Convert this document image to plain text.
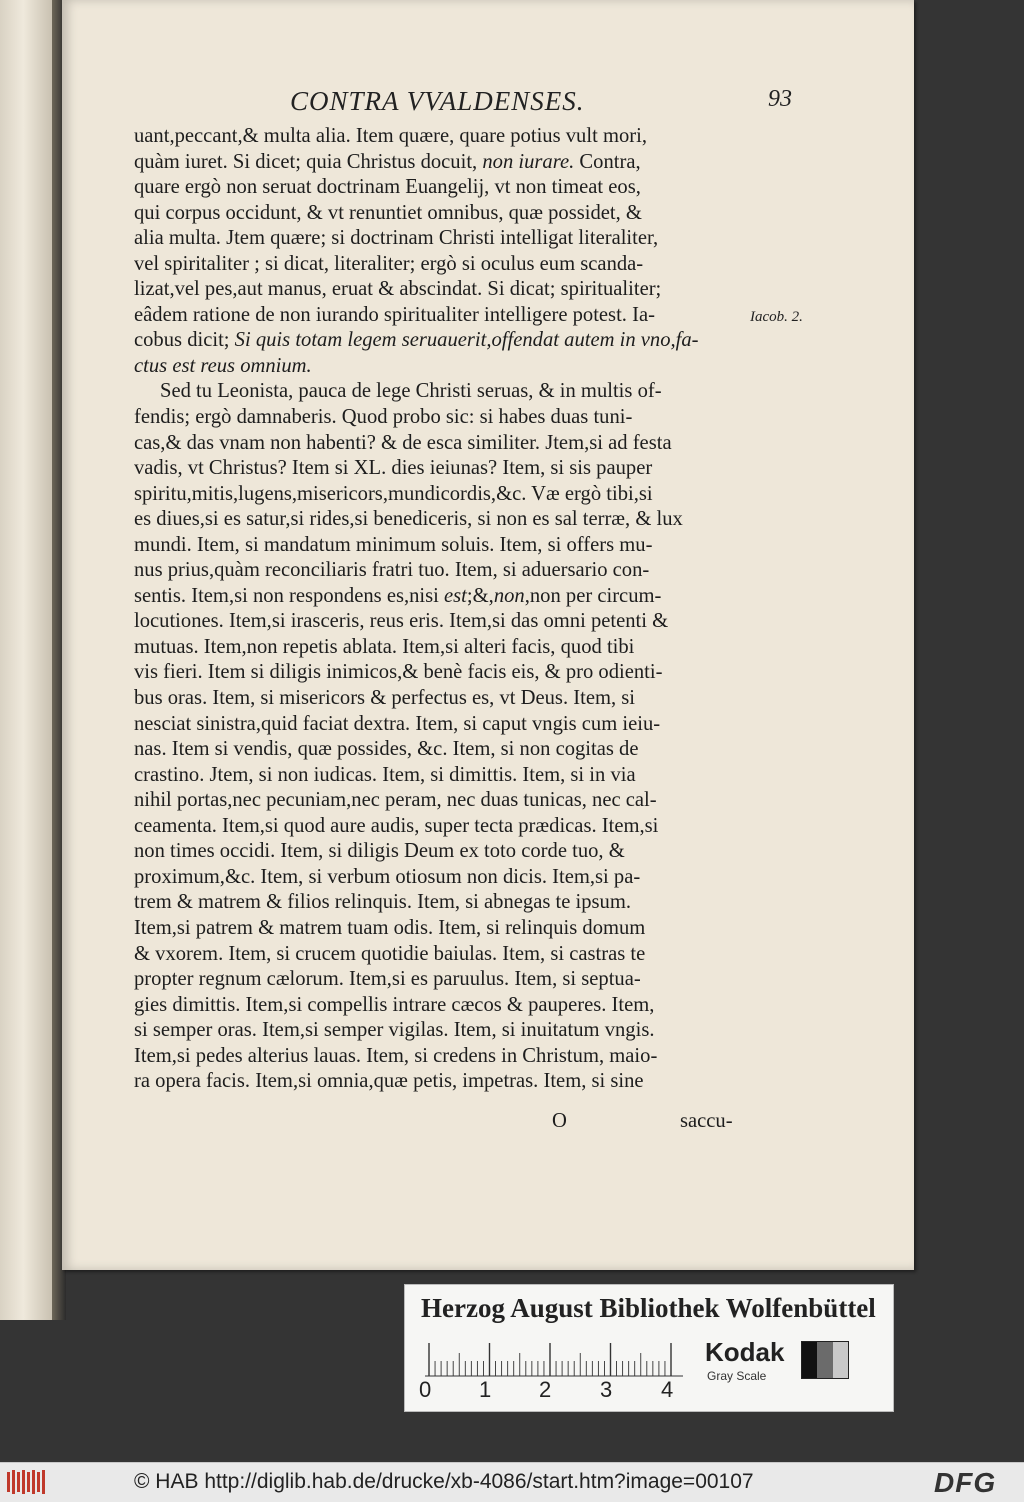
CONTRA VVALDENSES.	93
uant,peccant,& multa alia. Item quære, quare potius vult mori,
quàm iuret. Si dicet; quia Christus docuit, non iurare. Contra,
quare ergò non seruat doctrinam Euangelij, vt non timeat eos,
qui corpus occidunt, & vt renuntiet omnibus, quæ possidet, &
alia multa. Jtem quære; si doctrinam Christi intelligat literaliter,
vel spiritaliter ; si dicat, literaliter; ergò si oculus eum scanda-
lizat,vel pes,aut manus, eruat & abscindat. Si dicat; spiritualiter;
eâdem ratione de non iurando spiritualiter intelligere potest. Ia-
cobus dicit; Si quis totam legem seruauerit,offendat autem in vno,fa-
ctus est reus omnium.
Sed tu Leonista, pauca de lege Christi seruas, & in multis of-
fendis; ergò damnaberis. Quod probo sic: si habes duas tuni-
cas,& das vnam non habenti? & de esca similiter. Jtem,si ad festa
vadis, vt Christus? Item si XL. dies ieiunas? Item, si sis pauper
spiritu,mitis,lugens,misericors,mundicordis,&c. Væ ergò tibi,si
es diues,si es satur,si rides,si benediceris, si non es sal terræ, & lux
mundi. Item, si mandatum minimum soluis. Item, si offers mu-
nus prius,quàm reconciliaris fratri tuo. Item, si aduersario con-
sentis. Item,si non respondens es,nisi est;&,non,non per circum-
locutiones. Item,si irasceris, reus eris. Item,si das omni petenti &
mutuas. Item,non repetis ablata. Item,si alteri facis, quod tibi
vis fieri. Item si diligis inimicos,& benè facis eis, & pro odienti-
bus oras. Item, si misericors & perfectus es, vt Deus. Item, si
nesciat sinistra,quid faciat dextra. Item, si caput vngis cum ieiu-
nas. Item si vendis, quæ possides, &c. Item, si non cogitas de
crastino. Jtem, si non iudicas. Item, si dimittis. Item, si in via
nihil portas,nec pecuniam,nec peram, nec duas tunicas, nec cal-
ceamenta. Item,si quod aure audis, super tecta prædicas. Item,si
non times occidi. Item, si diligis Deum ex toto corde tuo, &
proximum,&c. Item, si verbum otiosum non dicis. Item,si pa-
trem & matrem & filios relinquis. Item, si abnegas te ipsum.
Item,si patrem & matrem tuam odis. Item, si relinquis domum
& vxorem. Item, si crucem quotidie baiulas. Item, si castras te
propter regnum cælorum. Item,si es paruulus. Item, si septua-
gies dimittis. Item,si compellis intrare cæcos & pauperes. Item,
si semper oras. Item,si semper vigilas. Item, si inuitatum vngis.
Item,si pedes alterius lauas. Item, si credens in Christum, maio-
ra opera facis. Item,si omnia,quæ petis, impetras. Item, si sine
Iacob. 2.
O	saccu-
Herzog August Bibliothek Wolfenbüttel
0 1 2 3 4
Kodak
Gray Scale
© HAB http://diglib.hab.de/drucke/xb-4086/start.htm?image=00107	DFG
